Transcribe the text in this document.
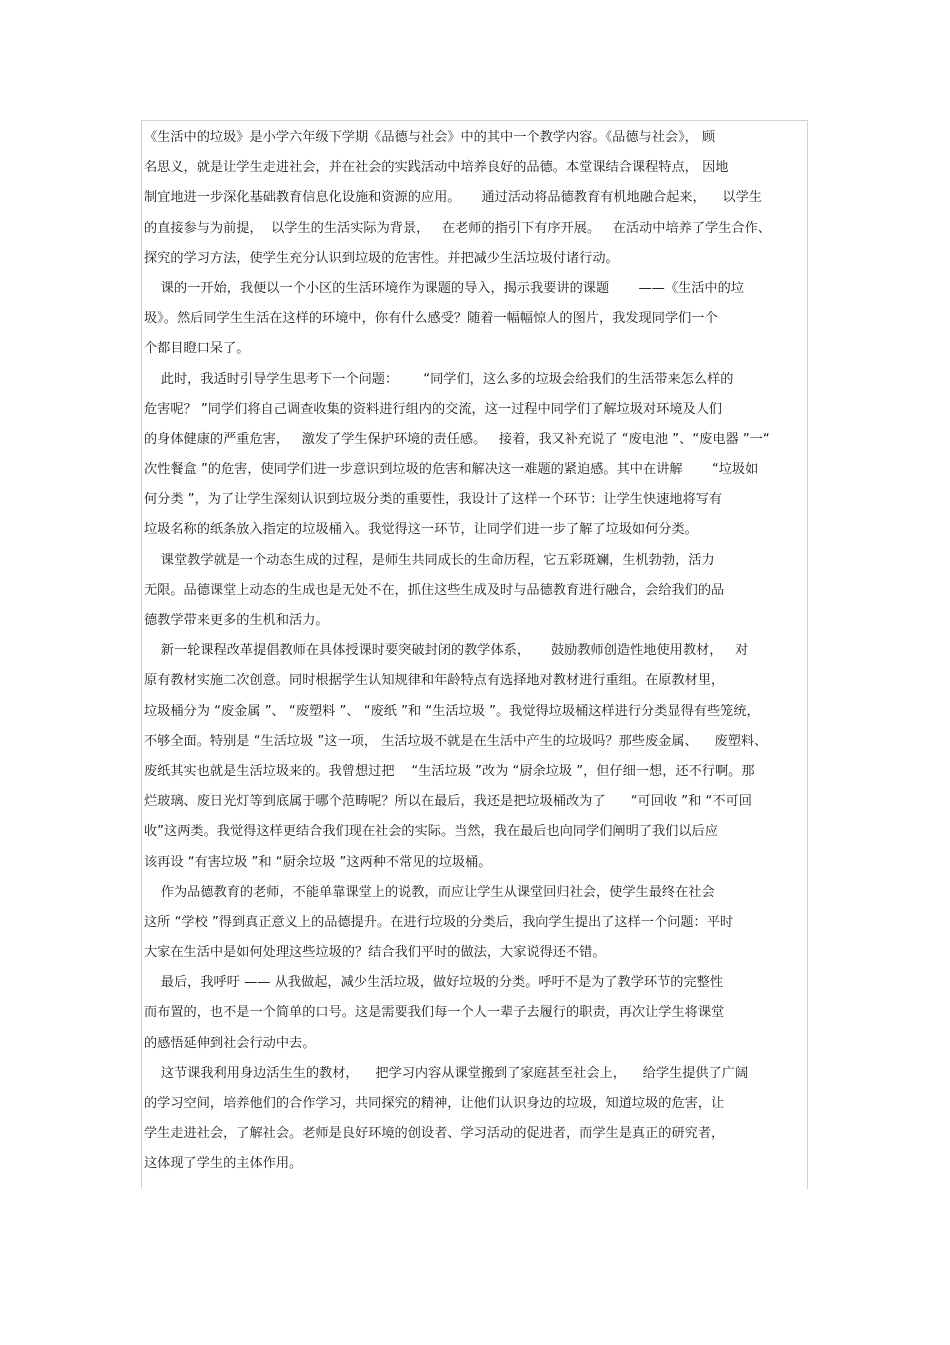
《生活中的垃圾》是小学六年级下学期《品德与社会》中的其中一个教学内容。《品德与社会》， 顾
名思义，就是让学生走进社会，并在社会的实践活动中培养良好的品德。本堂课结合课程特点， 因地
制宜地进一步深化基础教育信息化设施和资源的应用。     通过活动将品德教育有机地融合起来，    以学生
的直接参与为前提，  以学生的生活实际为背景，   在老师的指引下有序开展。   在活动中培养了学生合作、
探究的学习方法，使学生充分认识到垃圾的危害性。并把减少生活垃圾付诸行动。
课的一开始，我便以一个小区的生活环境作为课题的导入，揭示我要讲的课题       ——《生活中的垃
圾》。然后同学生生活在这样的环境中，你有什么感受？随着一幅幅惊人的图片，我发现同学们一个
个都目瞪口呆了。
此时，我适时引导学生思考下一个问题：      “同学们，这么多的垃圾会给我们的生活带来怎么样的
危害呢？ ”同学们将自己调查收集的资料进行组内的交流，这一过程中同学们了解垃圾对环境及人们
的身体健康的严重危害，   激发了学生保护环境的责任感。   接着，我又补充说了 “废电池 ”、“废电器 ”一“
次性餐盒 ”的危害，使同学们进一步意识到垃圾的危害和解决这一难题的紧迫感。其中在讲解       “垃圾如
何分类 ”，为了让学生深刻认识到垃圾分类的重要性，我设计了这样一个环节：让学生快速地将写有
垃圾名称的纸条放入指定的垃圾桶入。我觉得这一环节，让同学们进一步了解了垃圾如何分类。
课堂教学就是一个动态生成的过程，是师生共同成长的生命历程，它五彩斑斓，生机勃勃，活力
无限。品德课堂上动态的生成也是无处不在，抓住这些生成及时与品德教育进行融合，会给我们的品
德教学带来更多的生机和活力。
新一轮课程改革提倡教师在具体授课时要突破封闭的教学体系，     鼓励教师创造性地使用教材，   对
原有教材实施二次创意。同时根据学生认知规律和年龄特点有选择地对教材进行重组。在原教材里，
垃圾桶分为 “废金属 ”、 “废塑料 ”、 “废纸 ”和 “生活垃圾 ”。我觉得垃圾桶这样进行分类显得有些笼统，
不够全面。特别是 “生活垃圾 ”这一项， 生活垃圾不就是在生活中产生的垃圾吗？那些废金属、    废塑料、
废纸其实也就是生活垃圾来的。我曾想过把    “生活垃圾 ”改为 “厨余垃圾 ”，但仔细一想，还不行啊。那
烂玻璃、废日光灯等到底属于哪个范畴呢？所以在最后，我还是把垃圾桶改为了      “可回收 ”和 “不可回
收”这两类。我觉得这样更结合我们现在社会的实际。当然，我在最后也向同学们阐明了我们以后应
该再设 “有害垃圾 ”和 “厨余垃圾 ”这两种不常见的垃圾桶。
作为品德教育的老师，不能单靠课堂上的说教，而应让学生从课堂回归社会，使学生最终在社会
这所 “学校 ”得到真正意义上的品德提升。在进行垃圾的分类后，我向学生提出了这样一个问题：平时
大家在生活中是如何处理这些垃圾的？结合我们平时的做法，大家说得还不错。
最后，我呼吁 —— 从我做起，减少生活垃圾，做好垃圾的分类。呼吁不是为了教学环节的完整性
而布置的，也不是一个简单的口号。这是需要我们每一个人一辈子去履行的职责，再次让学生将课堂
的感悟延伸到社会行动中去。
这节课我利用身边活生生的教材，    把学习内容从课堂搬到了家庭甚至社会上，    给学生提供了广阔
的学习空间，培养他们的合作学习，共同探究的精神，让他们认识身边的垃圾，知道垃圾的危害，让
学生走进社会，了解社会。老师是良好环境的创设者、学习活动的促进者，而学生是真正的研究者，
这体现了学生的主体作用。
